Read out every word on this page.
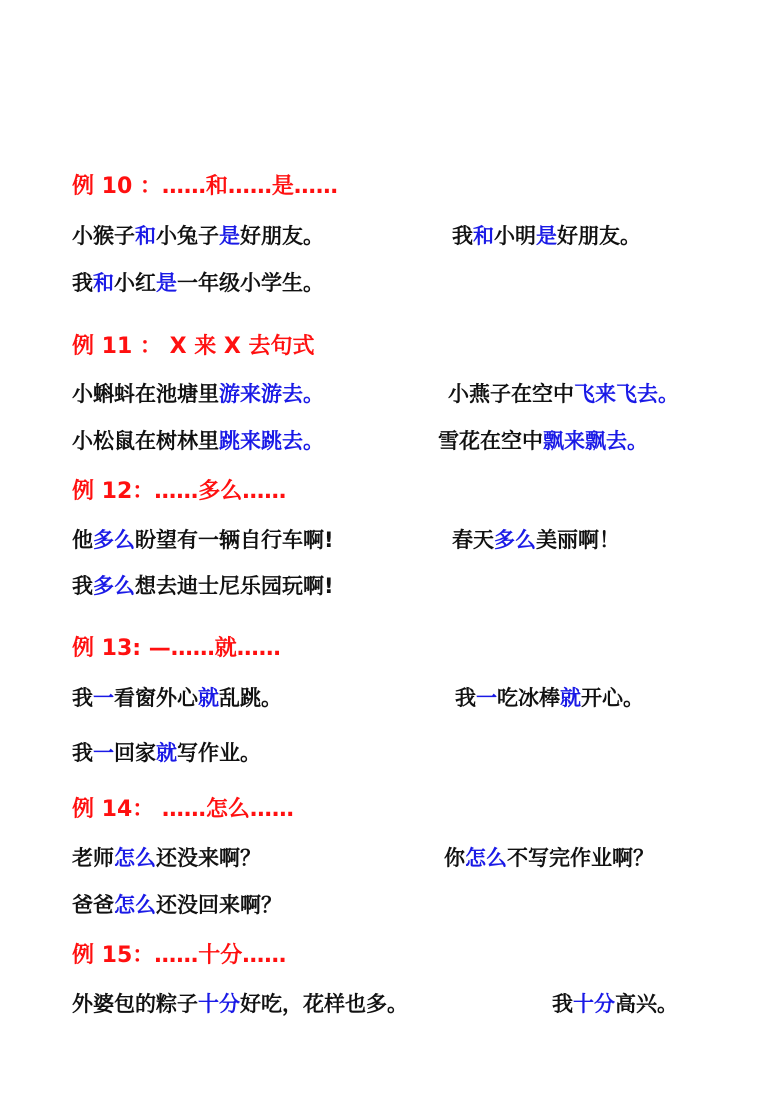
例 10 ：……和……是……
小猴子和小兔子是好朋友。	我和小明是好朋友。
我和小红是一年级小学生。
例 11 ： X 来 X 去句式
小蝌蚪在池塘里游来游去。	小燕子在空中飞来飞去。
小松鼠在树林里跳来跳去。	雪花在空中飘来飘去。
例 12：……多么……
他多么盼望有一辆自行车啊!	春天多么美丽啊！
我多么想去迪士尼乐园玩啊!
例 13: —……就……
我一看窗外心就乱跳。	我一吃冰棒就开心。
我一回家就写作业。
例 14： ……怎么……
老师怎么还没来啊？	你怎么不写完作业啊？
爸爸怎么还没回来啊？
例 15：……十分……
外婆包的粽子十分好吃，花样也多。	我十分高兴。
